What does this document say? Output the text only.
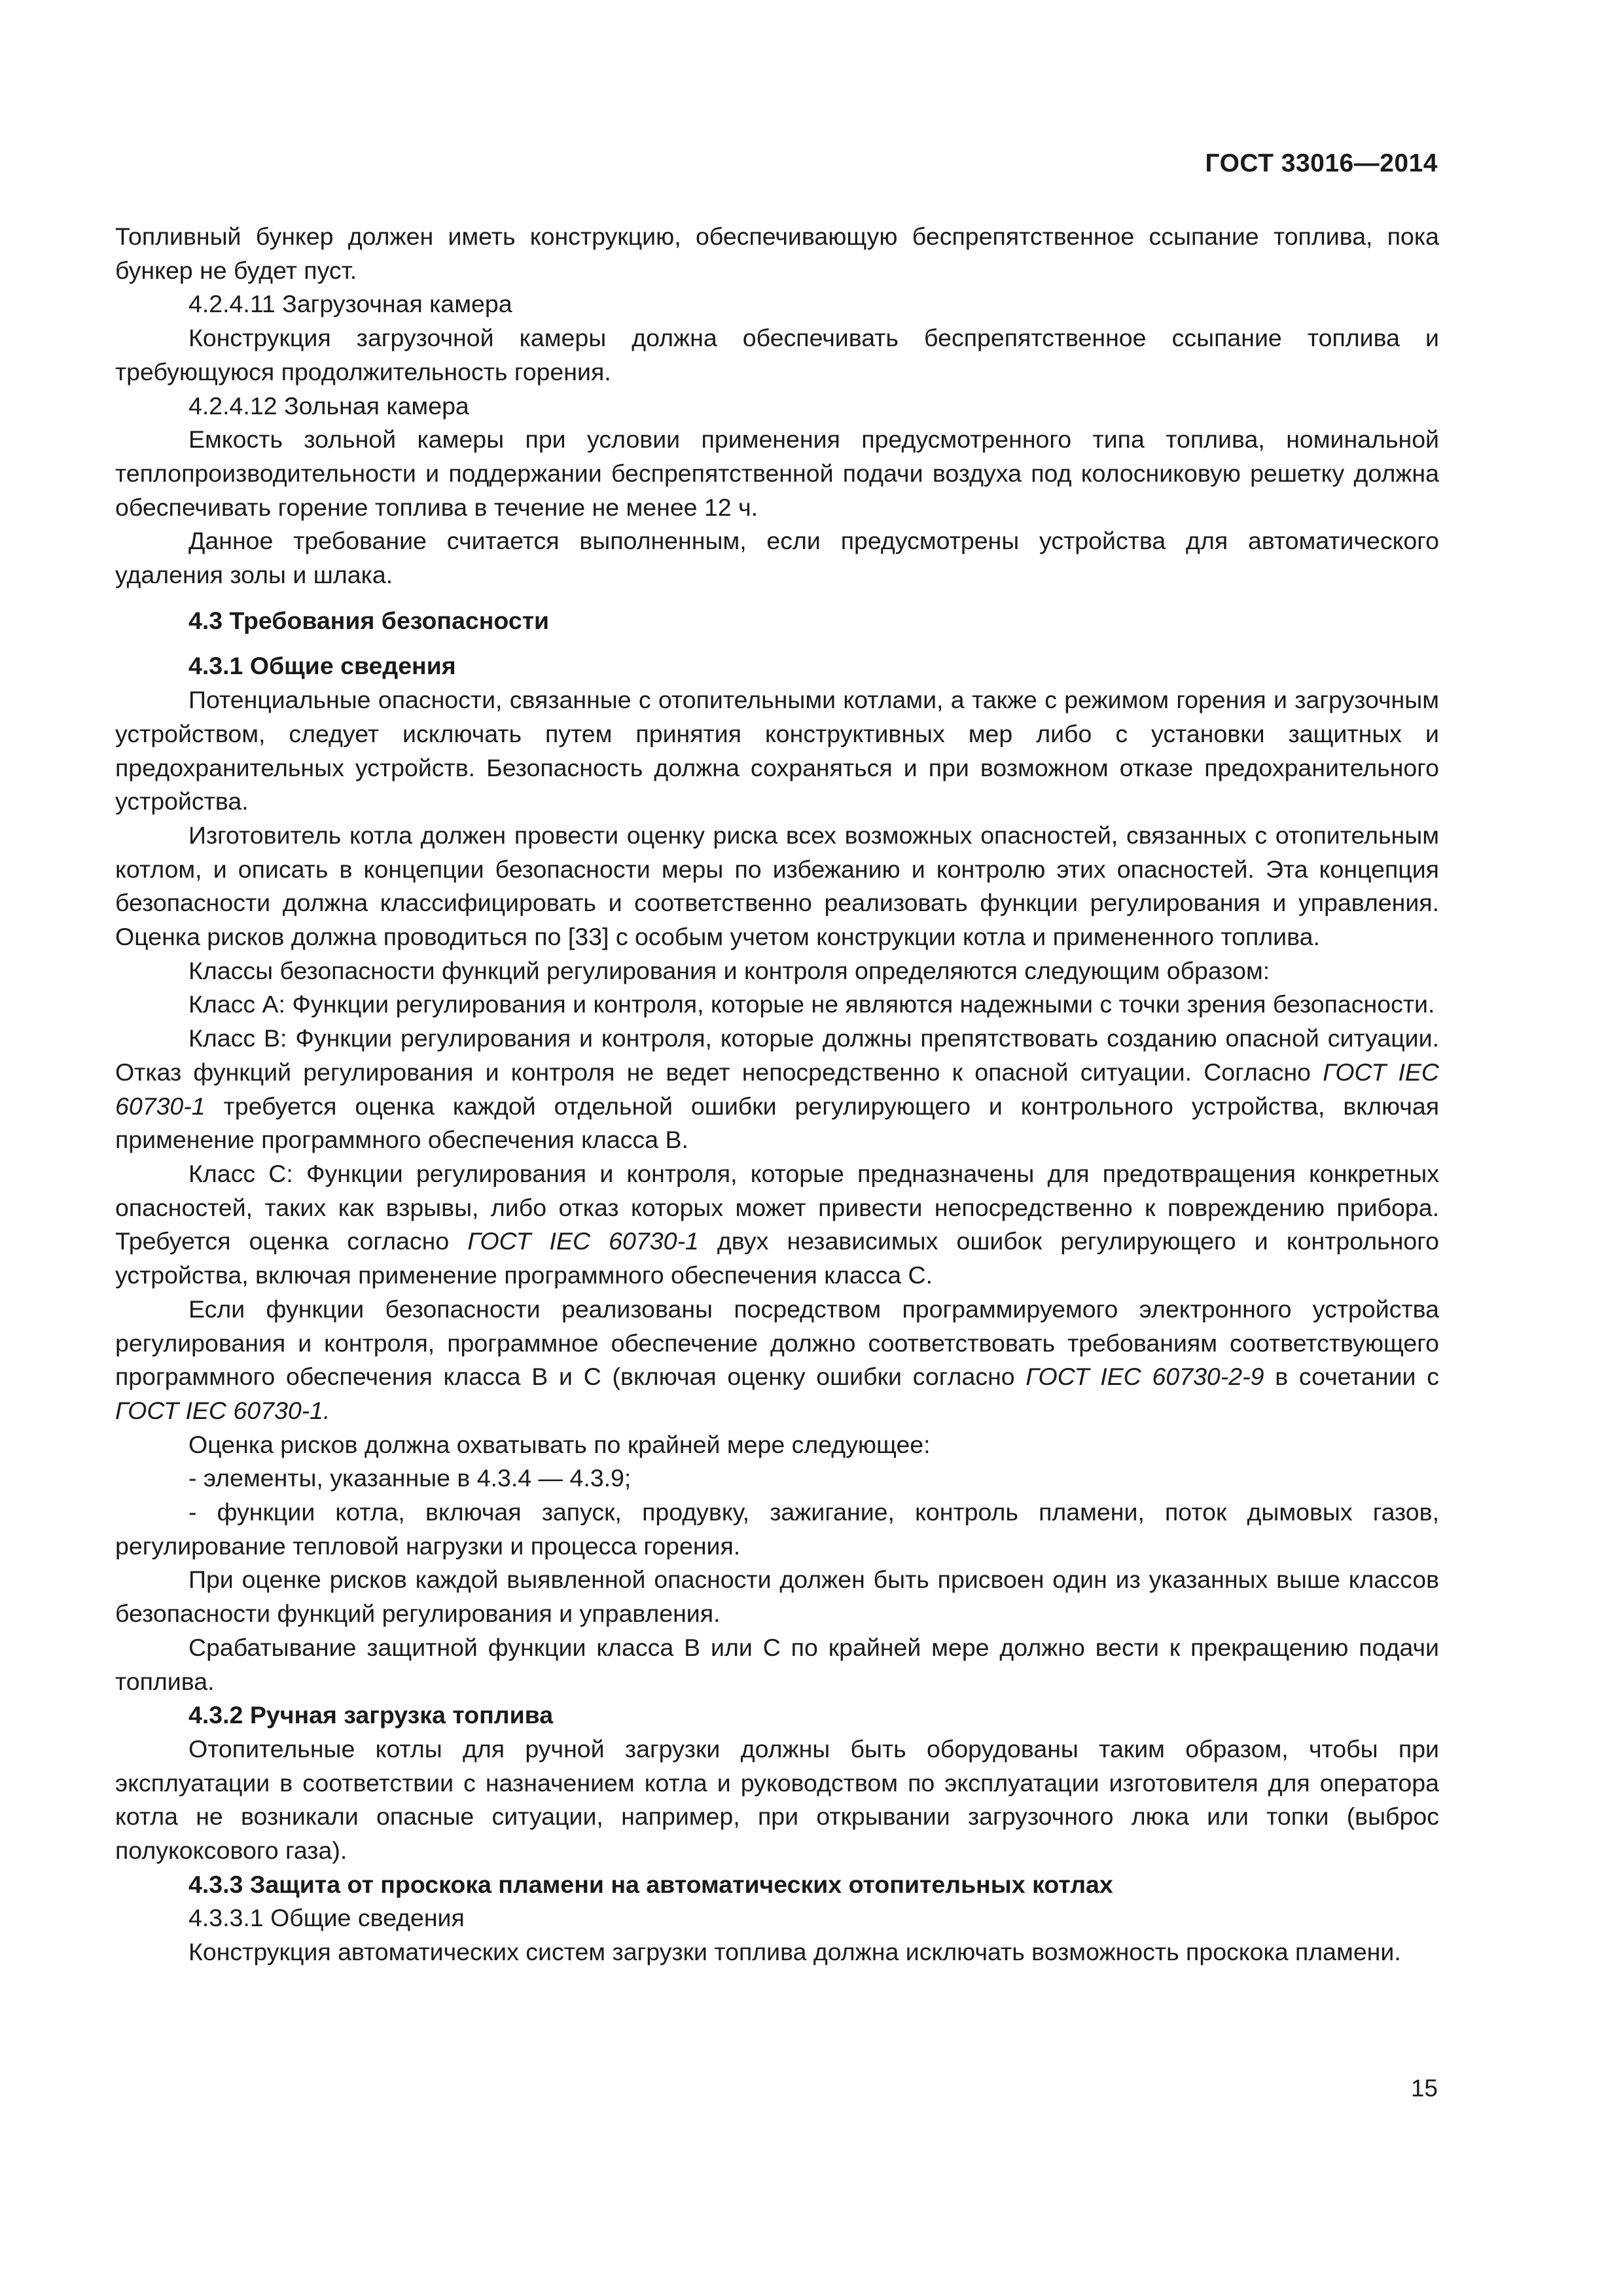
ГОСТ 33016—2014

Топливный бункер должен иметь конструкцию, обеспечивающую беспрепятственное ссыпание топлива, пока бункер не будет пуст.

4.2.4.11 Загрузочная камера

Конструкция загрузочной камеры должна обеспечивать беспрепятственное ссыпание топлива и требующуюся продолжительность горения.

4.2.4.12 Зольная камера

Емкость зольной камеры при условии применения предусмотренного типа топлива, номинальной теплопроизводительности и поддержании беспрепятственной подачи воздуха под колосниковую решетку должна обеспечивать горение топлива в течение не менее 12 ч.

Данное требование считается выполненным, если предусмотрены устройства для автоматического удаления золы и шлака.

4.3 Требования безопасности

4.3.1 Общие сведения

Потенциальные опасности, связанные с отопительными котлами, а также с режимом горения и загрузочным устройством, следует исключать путем принятия конструктивных мер либо с установки защитных и предохранительных устройств. Безопасность должна сохраняться и при возможном отказе предохранительного устройства.

Изготовитель котла должен провести оценку риска всех возможных опасностей, связанных с отопительным котлом, и описать в концепции безопасности меры по избежанию и контролю этих опасностей. Эта концепция безопасности должна классифицировать и соответственно реализовать функции регулирования и управления. Оценка рисков должна проводиться по [33] с особым учетом конструкции котла и примененного топлива.

Классы безопасности функций регулирования и контроля определяются следующим образом:

Класс А: Функции регулирования и контроля, которые не являются надежными с точки зрения безопасности.

Класс В: Функции регулирования и контроля, которые должны препятствовать созданию опасной ситуации. Отказ функций регулирования и контроля не ведет непосредственно к опасной ситуации. Согласно ГОСТ IEC 60730-1 требуется оценка каждой отдельной ошибки регулирующего и контрольного устройства, включая применение программного обеспечения класса В.

Класс С: Функции регулирования и контроля, которые предназначены для предотвращения конкретных опасностей, таких как взрывы, либо отказ которых может привести непосредственно к повреждению прибора. Требуется оценка согласно ГОСТ IEC 60730-1 двух независимых ошибок регулирующего и контрольного устройства, включая применение программного обеспечения класса С.

Если функции безопасности реализованы посредством программируемого электронного устройства регулирования и контроля, программное обеспечение должно соответствовать требованиям соответствующего программного обеспечения класса В и С (включая оценку ошибки согласно ГОСТ IEC 60730-2-9 в сочетании с ГОСТ IEC 60730-1.

Оценка рисков должна охватывать по крайней мере следующее:

- элементы, указанные в 4.3.4 — 4.3.9;

- функции котла, включая запуск, продувку, зажигание, контроль пламени, поток дымовых газов, регулирование тепловой нагрузки и процесса горения.

При оценке рисков каждой выявленной опасности должен быть присвоен один из указанных выше классов безопасности функций регулирования и управления.

Срабатывание защитной функции класса В или С по крайней мере должно вести к прекращению подачи топлива.

4.3.2 Ручная загрузка топлива

Отопительные котлы для ручной загрузки должны быть оборудованы таким образом, чтобы при эксплуатации в соответствии с назначением котла и руководством по эксплуатации изготовителя для оператора котла не возникали опасные ситуации, например, при открывании загрузочного люка или топки (выброс полукоксового газа).

4.3.3 Защита от проскока пламени на автоматических отопительных котлах

4.3.3.1 Общие сведения

Конструкция автоматических систем загрузки топлива должна исключать возможность проскока пламени.

15
